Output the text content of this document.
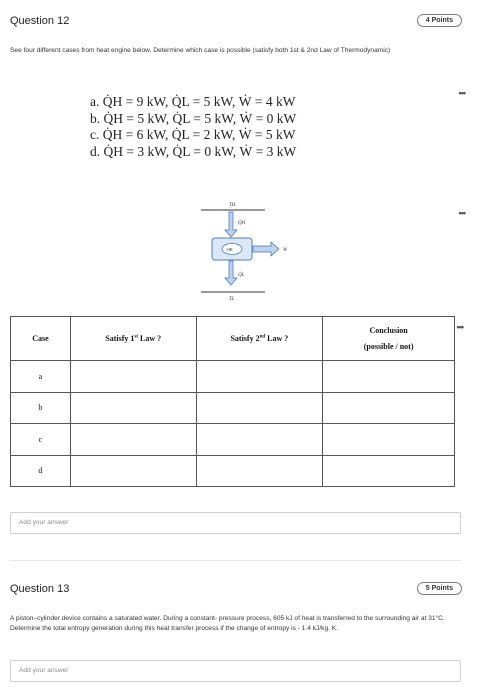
Question 12	4 Points
See four different cases from heat engine below. Determine which case is possible (satisfy both 1st & 2nd Law of Thermodynamic)
a. Q̇H = 9 kW, Q̇L = 5 kW, Ẇ = 4 kW
b. Q̇H = 5 kW, Q̇L = 5 kW, Ẇ = 0 kW
c. Q̇H = 6 kW, Q̇L = 2 kW, Ẇ = 5 kW
d. Q̇H = 3 kW, Q̇L = 0 kW, Ẇ = 3 kW
•••
TH
Q̇H
HE	Ẇ
Q̇L
TL
•••
Case	Satisfy 1st Law ?	Satisfy 2nd Law ?	Conclusion
(possible / not)

a			
b			
c			
d			
•••
Add your answer
Question 13	5 Points
A piston–cylinder device contains a saturated water. During a constant- pressure process, 605 kJ of heat is transferred to the surrounding air at 31°C. Determine the total entropy generation during this heat transfer process if the change of entropy is - 1.4 kJ/kg. K.
Add your answer
